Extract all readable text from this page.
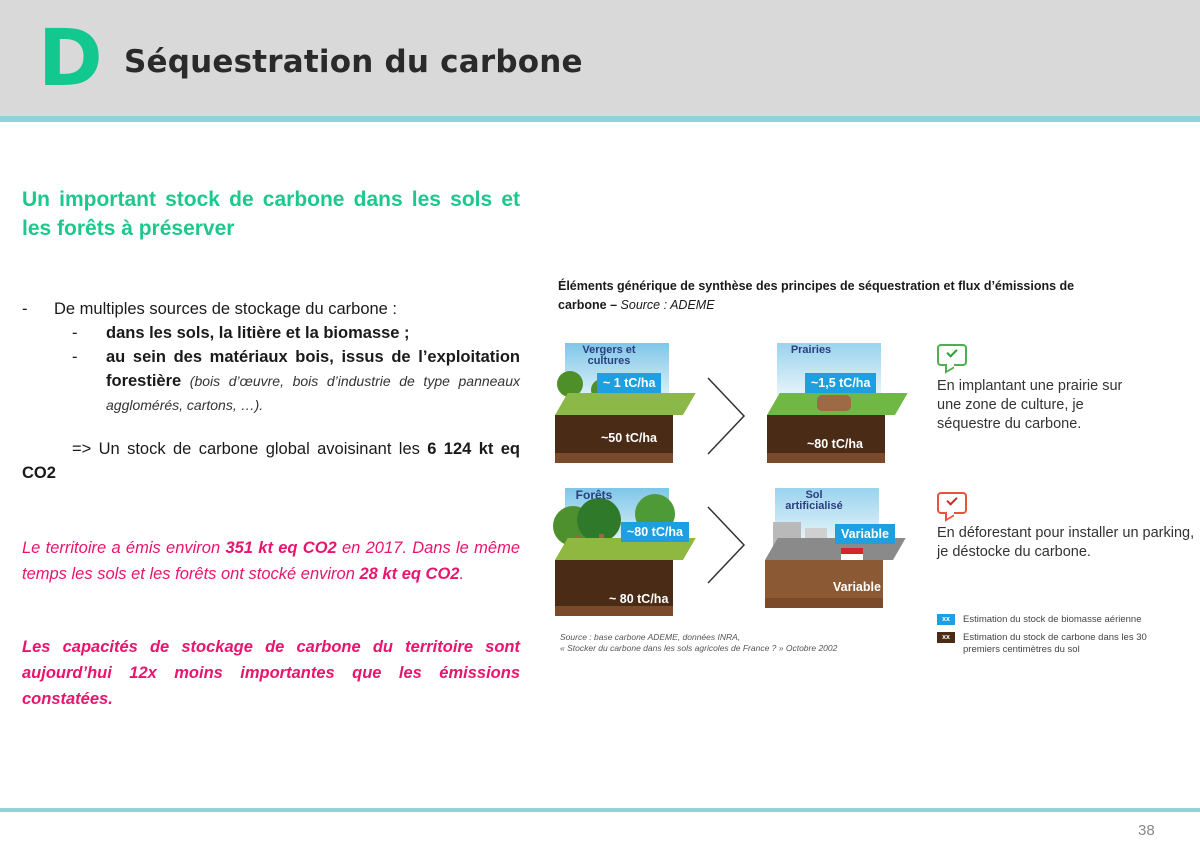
D Séquestration du carbone
Un important stock de carbone dans les sols et les forêts à préserver
-	De multiples sources de stockage du carbone :
-	dans les sols, la litière et la biomasse ;
-	au sein des matériaux bois, issus de l’exploitation forestière (bois d’œuvre, bois d’industrie de type panneaux agglomérés, cartons, …).
=> Un stock de carbone global avoisinant les 6 124 kt eq CO2
Le territoire a émis environ 351 kt eq CO2 en 2017. Dans le même temps les sols et les forêts ont stocké environ 28 kt eq CO2.
Les capacités de stockage de carbone du territoire sont aujourd’hui 12x moins importantes que les émissions constatées.
Éléments générique de synthèse des principes de séquestration et flux d’émissions de carbone – Source : ADEME
Vergers et cultures
~ 1 tC/ha
~50 tC/ha
Prairies
~1,5 tC/ha
~80 tC/ha
Forêts
~80 tC/ha
~ 80 tC/ha
Sol artificialisé
Variable
Variable
En implantant une prairie sur une zone de culture, je séquestre du carbone.
En déforestant pour installer un parking, je déstocke du carbone.
xx	Estimation du stock de biomasse aérienne
xx	Estimation du stock de carbone dans les 30 premiers centimètres du sol
Source : base carbone ADEME, données INRA,
« Stocker du carbone dans les sols agricoles de France ? » Octobre 2002
38
